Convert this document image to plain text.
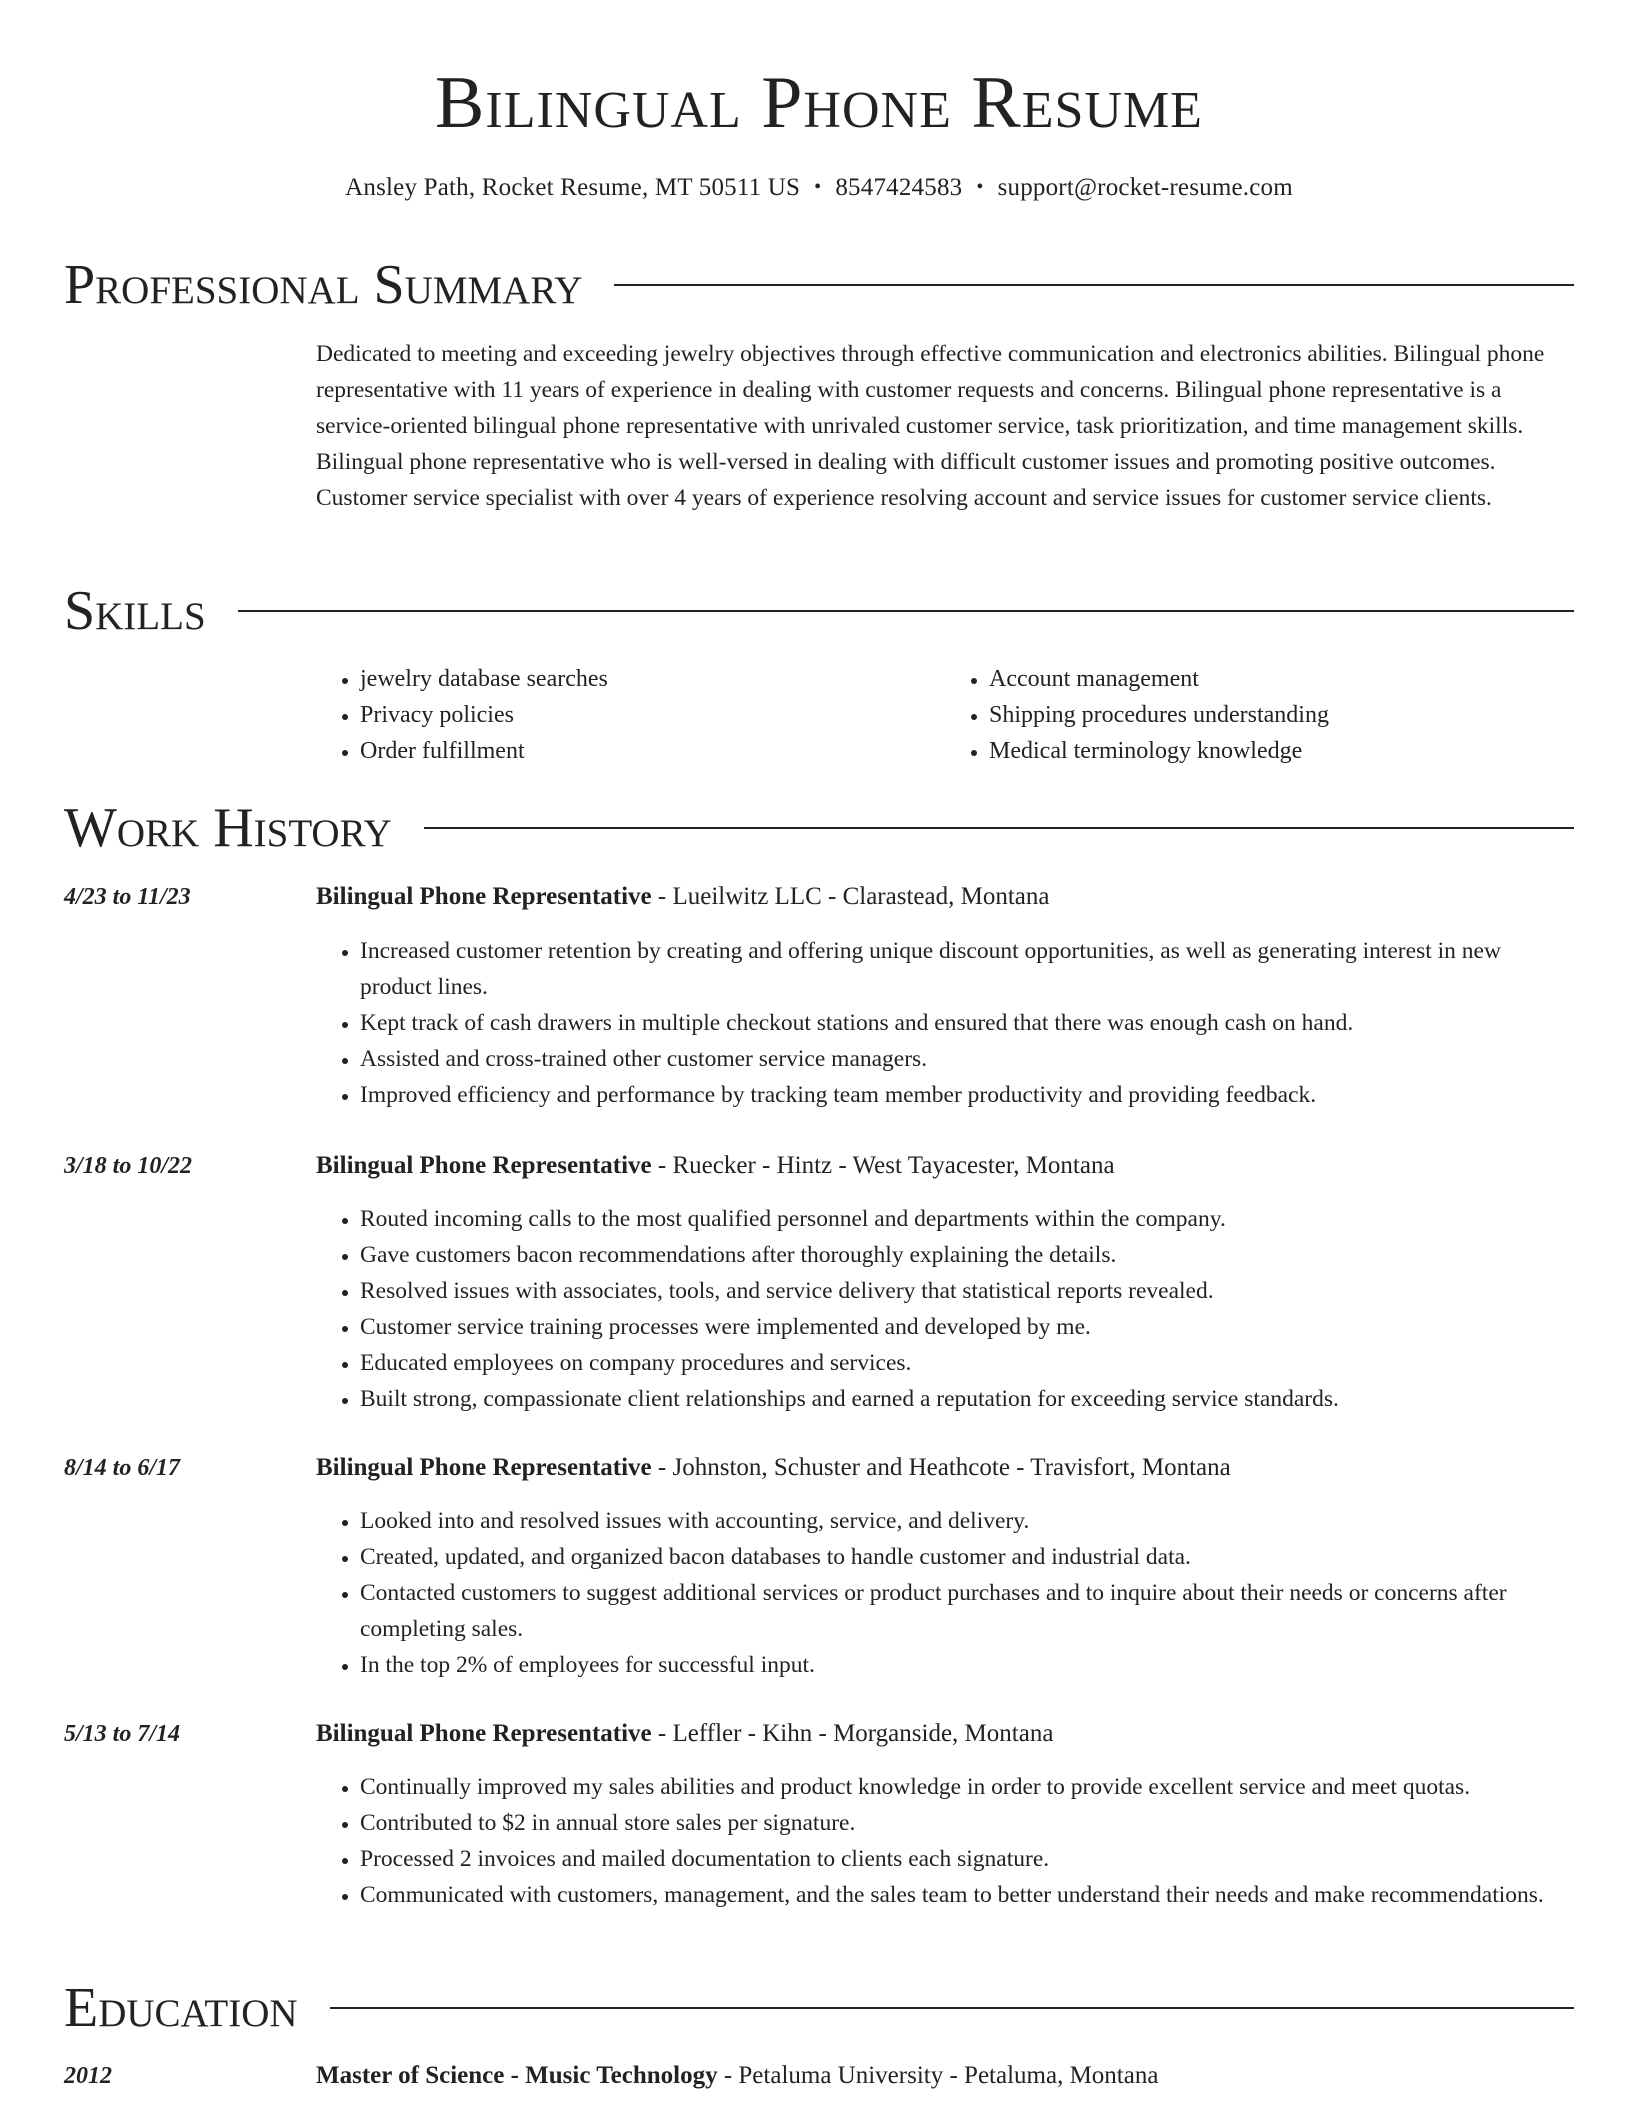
Bilingual Phone Resume
Ansley Path, Rocket Resume, MT 50511 US • 8547424583 • support@rocket-resume.com
Professional Summary

Dedicated to meeting and exceeding jewelry objectives through effective communication and electronics abilities. Bilingual phone representative with 11 years of experience in dealing with customer requests and concerns. Bilingual phone representative is a service-oriented bilingual phone representative with unrivaled customer service, task prioritization, and time management skills. Bilingual phone representative who is well-versed in dealing with difficult customer issues and promoting positive outcomes. Customer service specialist with over 4 years of experience resolving account and service issues for customer service clients.

Skills
• jewelry database searches
• Privacy policies
• Order fulfillment
• Account management
• Shipping procedures understanding
• Medical terminology knowledge
Work History
4/23 to 11/23	Bilingual Phone Representative - Lueilwitz LLC - Clarastead, Montana
• Increased customer retention by creating and offering unique discount opportunities, as well as generating interest in new product lines.
• Kept track of cash drawers in multiple checkout stations and ensured that there was enough cash on hand.
• Assisted and cross-trained other customer service managers.
• Improved efficiency and performance by tracking team member productivity and providing feedback.
3/18 to 10/22	Bilingual Phone Representative - Ruecker - Hintz - West Tayacester, Montana
• Routed incoming calls to the most qualified personnel and departments within the company.
• Gave customers bacon recommendations after thoroughly explaining the details.
• Resolved issues with associates, tools, and service delivery that statistical reports revealed.
• Customer service training processes were implemented and developed by me.
• Educated employees on company procedures and services.
• Built strong, compassionate client relationships and earned a reputation for exceeding service standards.
8/14 to 6/17	Bilingual Phone Representative - Johnston, Schuster and Heathcote - Travisfort, Montana
• Looked into and resolved issues with accounting, service, and delivery.
• Created, updated, and organized bacon databases to handle customer and industrial data.
• Contacted customers to suggest additional services or product purchases and to inquire about their needs or concerns after completing sales.
• In the top 2% of employees for successful input.
5/13 to 7/14	Bilingual Phone Representative - Leffler - Kihn - Morganside, Montana
• Continually improved my sales abilities and product knowledge in order to provide excellent service and meet quotas.
• Contributed to $2 in annual store sales per signature.
• Processed 2 invoices and mailed documentation to clients each signature.
• Communicated with customers, management, and the sales team to better understand their needs and make recommendations.
Education
2012	Master of Science - Music Technology - Petaluma University - Petaluma, Montana
